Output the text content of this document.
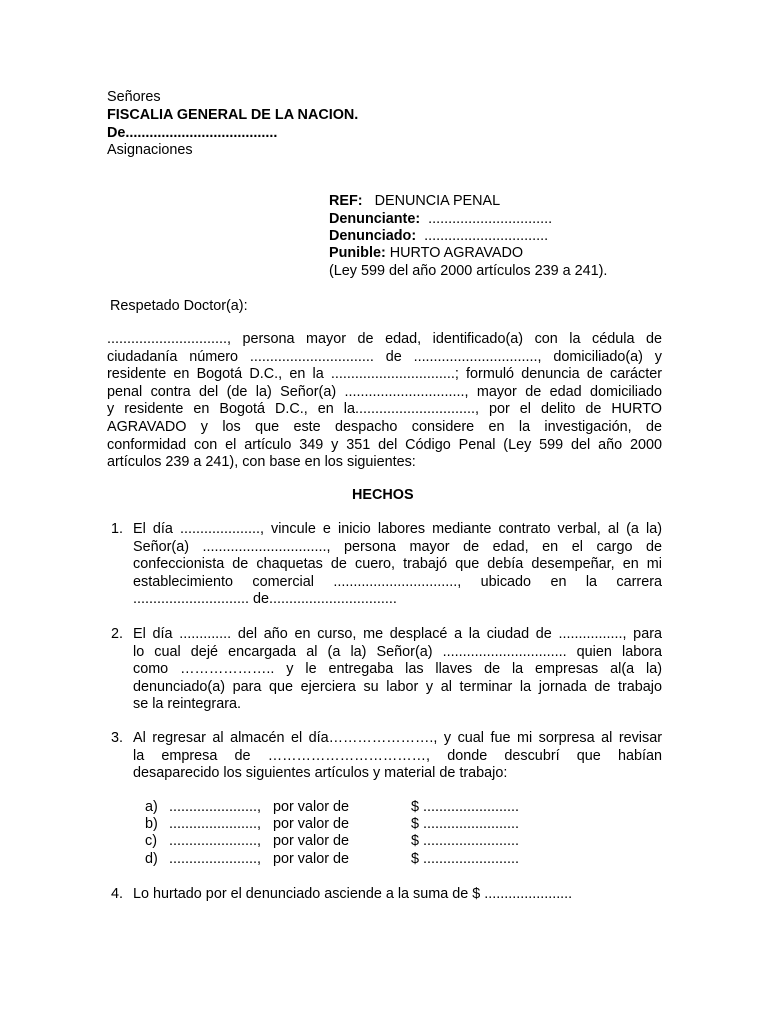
Señores
FISCALIA GENERAL DE LA NACION.
De......................................
Asignaciones
REF: DENUNCIA PENAL
Denunciante: ...............................
Denunciado: ...............................
Punible: HURTO AGRAVADO
(Ley 599 del año 2000 artículos 239 a 241).
Respetado Doctor(a):
.............................., persona mayor de edad, identificado(a) con la cédula de
ciudadanía número ............................... de ..............................., domiciliado(a) y
residente en Bogotá D.C., en la ...............................; formuló denuncia de carácter
penal contra del (de la) Señor(a) .............................., mayor de edad domiciliado
y residente en Bogotá D.C., en la.............................., por el delito de HURTO
AGRAVADO y los que este despacho considere en la investigación, de
conformidad con el artículo 349 y 351 del Código Penal (Ley 599 del año 2000
artículos 239 a 241), con base en los siguientes:
HECHOS
1. El día ...................., vincule e inicio labores mediante contrato verbal, al (a la)
Señor(a) ..............................., persona mayor de edad, en el cargo de
confeccionista de chaquetas de cuero, trabajó que debía desempeñar, en mi
establecimiento comercial ..............................., ubicado en la carrera
............................. de................................
2. El día ............. del año en curso, me desplacé a la ciudad de ................, para
lo cual dejé encargada al (a la) Señor(a) ............................... quien labora
como ……………….. y le entregaba las llaves de la empresas al(a la)
denunciado(a) para que ejerciera su labor y al terminar la jornada de trabajo
se la reintegrara.
3. Al regresar al almacén el día…………………., y cual fue mi sorpresa al revisar
la empresa de ……………………………, donde descubrí que habían
desaparecido los siguientes artículos y material de trabajo:
a) ......................, por valor de	$ ........................
b) ......................, por valor de	$ ........................
c) ......................, por valor de	$ ........................
d) ......................, por valor de	$ ........................
4. Lo hurtado por el denunciado asciende a la suma de $ ......................
